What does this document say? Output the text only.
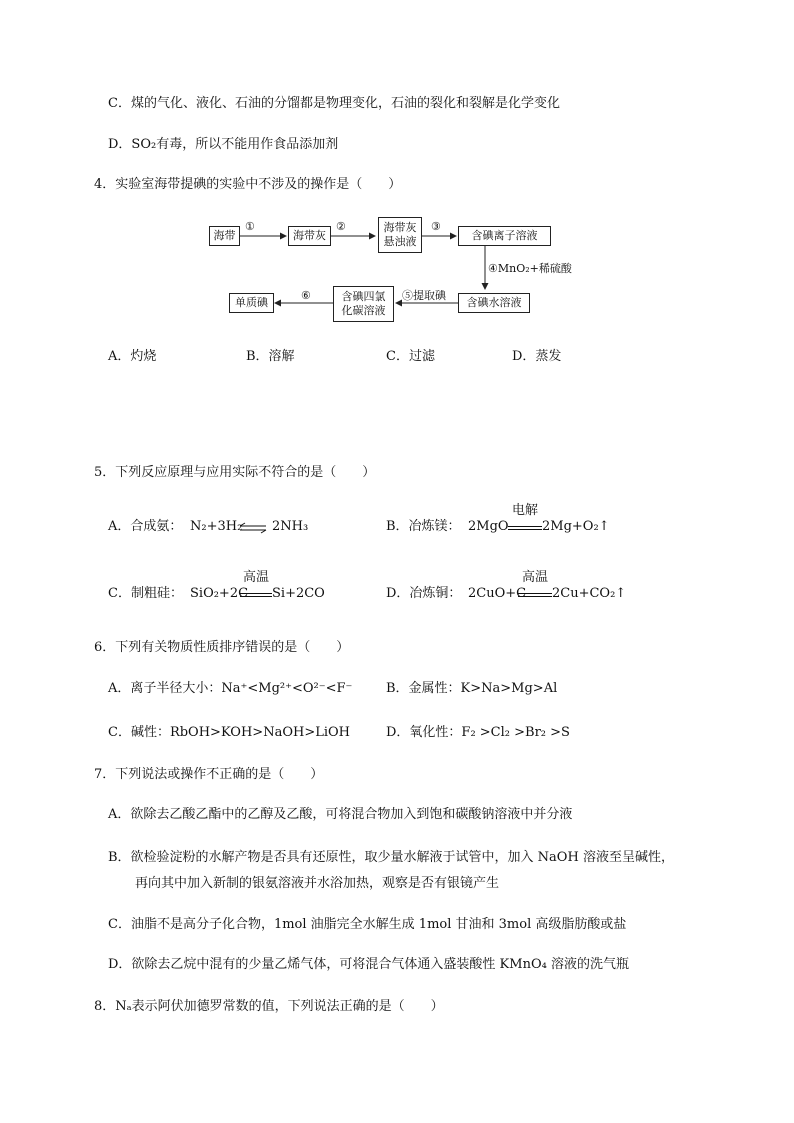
C．煤的气化、液化、石油的分馏都是物理变化，石油的裂化和裂解是化学变化
D．SO₂有毒，所以不能用作食品添加剂
4．实验室海带提碘的实验中不涉及的操作是（　　）
海带	海带灰
海带灰
悬浊液	含碘离子溶液
含碘水溶液
含碘四氯
化碳溶液
单质碘
①	②	③
④MnO₂+稀硫酸
⑤提取碘
⑥
A．灼烧	B．溶解	C．过滤	D．蒸发
5．下列反应原理与应用实际不符合的是（　　）
A．合成氨： N₂+3H₂ ⇌ 2NH₃	B．冶炼镁： 2MgO
电解
2Mg+O₂↑
C．制粗硅： SiO₂+2C
高温
Si+2CO	D．冶炼铜： 2CuO+C
高温
2Cu+CO₂↑
6．下列有关物质性质排序错误的是（　　）
A．离子半径大小：Na⁺<Mg²⁺<O²⁻<F⁻	B．金属性：K>Na>Mg>Al
C．碱性：RbOH>KOH>NaOH>LiOH	D．氧化性：F₂ >Cl₂ >Br₂ >S
7．下列说法或操作不正确的是（　　）
A．欲除去乙酸乙酯中的乙醇及乙酸，可将混合物加入到饱和碳酸钠溶液中并分液
B．欲检验淀粉的水解产物是否具有还原性，取少量水解液于试管中，加入 NaOH 溶液至呈碱性，
再向其中加入新制的银氨溶液并水浴加热，观察是否有银镜产生
C．油脂不是高分子化合物，1mol 油脂完全水解生成 1mol 甘油和 3mol 高级脂肪酸或盐
D．欲除去乙烷中混有的少量乙烯气体，可将混合气体通入盛装酸性 KMnO₄ 溶液的洗气瓶
8．Nₐ表示阿伏加德罗常数的值，下列说法正确的是（　　）
